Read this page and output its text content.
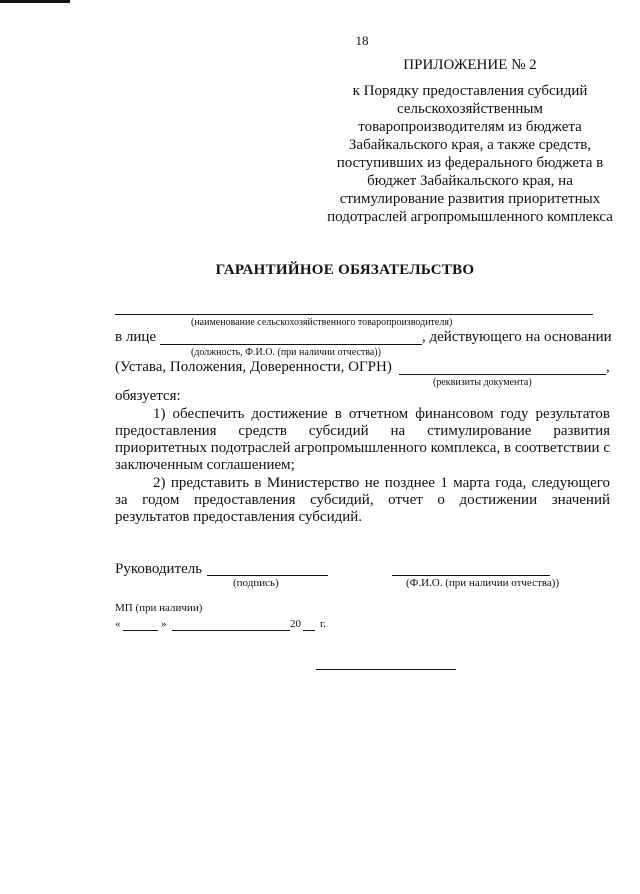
18
ПРИЛОЖЕНИЕ № 2
к Порядку предоставления субсидий
сельскохозяйственным
товаропроизводителям из бюджета
Забайкальского края, а также средств,
поступивших из федерального бюджета в
бюджет Забайкальского края, на
стимулирование развития приоритетных
подотраслей агропромышленного комплекса
ГАРАНТИЙНОЕ ОБЯЗАТЕЛЬСТВО
(наименование сельскохозяйственного товаропроизводителя)
в лице	, действующего на основании
(должность, Ф.И.О. (при наличии отчества))
(Устава, Положения, Доверенности, ОГРН)	,
(реквизиты документа)
обязуется:
1) обеспечить достижение в отчетном финансовом году результатов предоставления средств субсидий на стимулирование развития приоритетных подотраслей агропромышленного комплекса, в соответствии с заключенным соглашением;
2) представить в Министерство не позднее 1 марта года, следующего за годом предоставления субсидий, отчет о достижении значений результатов предоставления субсидий.
Руководитель
(подпись)	(Ф.И.О. (при наличии отчества))
МП (при наличии)
«	»	20 г.
